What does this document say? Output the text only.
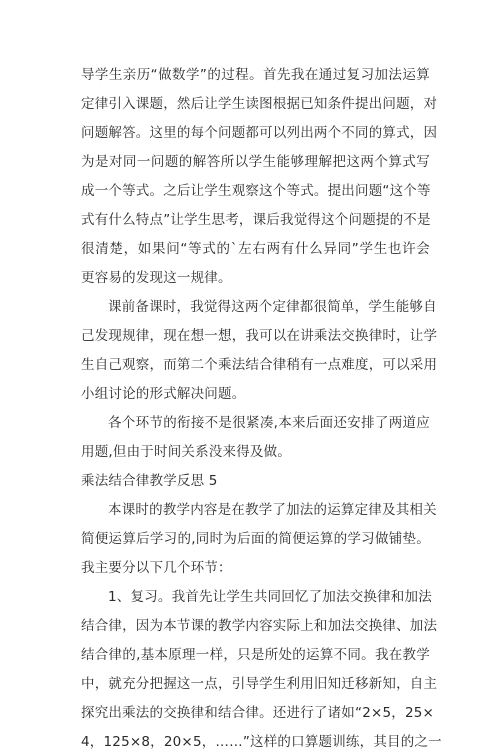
导学生亲历“做数学”的过程。首先我在通过复习加法运算
定律引入课题，然后让学生读图根据已知条件提出问题，对
问题解答。这里的每个问题都可以列出两个不同的算式，因
为是对同一问题的解答所以学生能够理解把这两个算式写
成一个等式。之后让学生观察这个等式。提出问题“这个等
式有什么特点”让学生思考，课后我觉得这个问题提的不是
很清楚，如果问“等式的`左右两有什么异同”学生也许会
更容易的发现这一规律。
课前备课时，我觉得这两个定律都很简单，学生能够自
己发现规律，现在想一想，我可以在讲乘法交换律时，让学
生自己观察，而第二个乘法结合律稍有一点难度，可以采用
小组讨论的形式解决问题。
各个环节的衔接不是很紧凑,本来后面还安排了两道应
用题,但由于时间关系没来得及做。
乘法结合律教学反思 5
本课时的教学内容是在教学了加法的运算定律及其相关
简便运算后学习的,同时为后面的简便运算的学习做铺垫。
我主要分以下几个环节：
1、复习。我首先让学生共同回忆了加法交换律和加法
结合律，因为本节课的教学内容实际上和加法交换律、加法
结合律的,基本原理一样，只是所处的运算不同。我在教学
中，就充分把握这一点，引导学生利用旧知迁移新知，自主
探究出乘法的交换律和结合律。还进行了诸如“2×5，25×
4，125×8，20×5，……”这样的口算题训练，其目的之一
